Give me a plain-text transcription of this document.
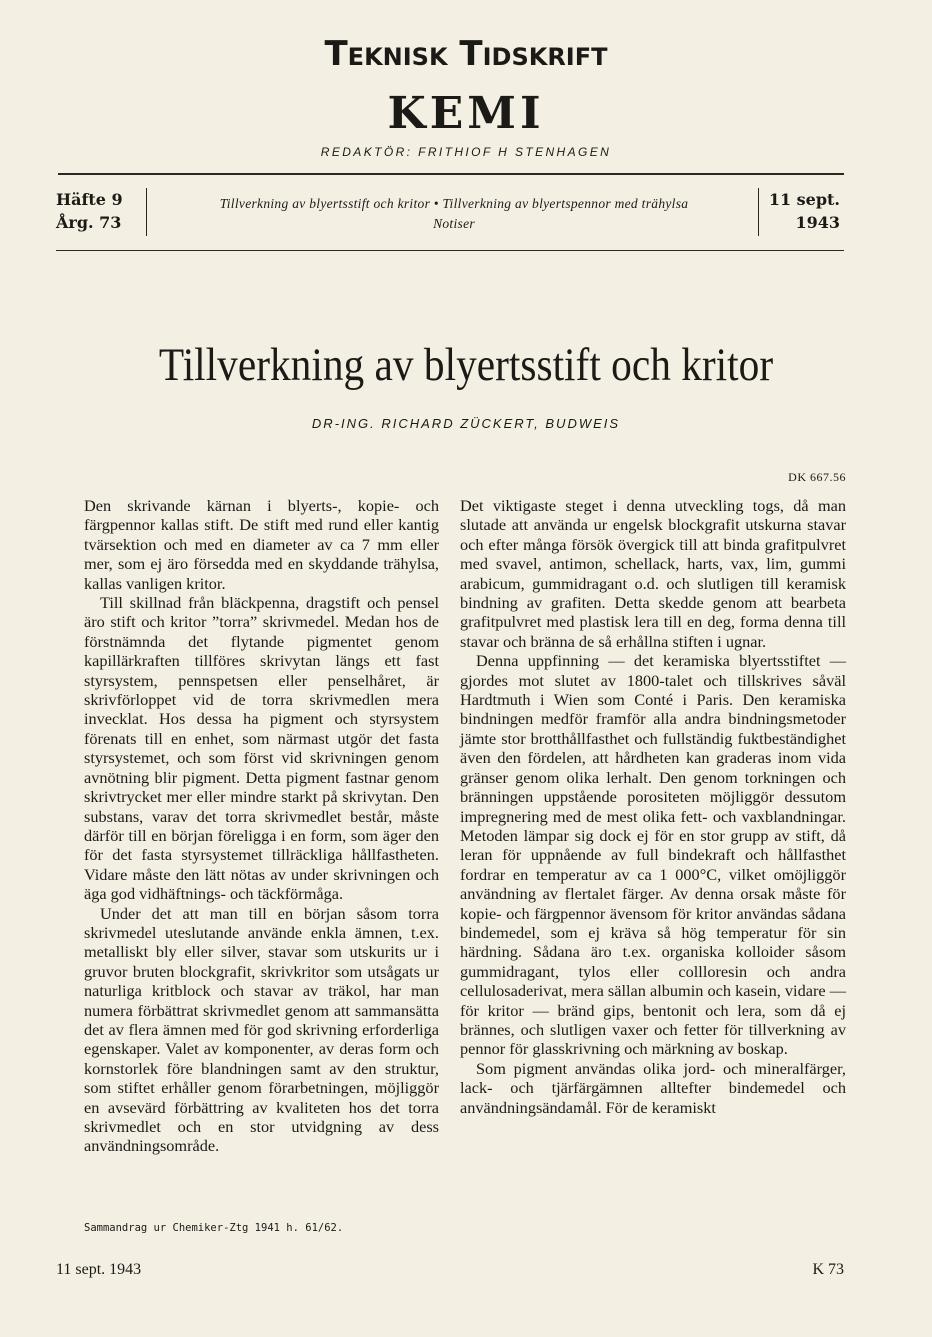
Teknisk Tidskrift
KEMI
REDAKTÖR: FRITHIOF H STENHAGEN
Häfte 9
Årg. 73
Tillverkning av blyertsstift och kritor • Tillverkning av blyertspennor med trähylsa
Notiser
11 sept.
1943
Tillverkning av blyertsstift och kritor
DR-ING. RICHARD ZÜCKERT, BUDWEIS
DK 667.56

Den skrivande kärnan i blyerts-, kopie- och färgpennor kallas stift. De stift med rund eller kantig tvärsektion och med en diameter av ca 7 mm eller mer, som ej äro försedda med en skyddande trähylsa, kallas vanligen kritor.

Till skillnad från bläckpenna, dragstift och pensel äro stift och kritor ”torra” skrivmedel. Medan hos de förstnämnda det flytande pigmentet genom kapillärkraften tillföres skrivytan längs ett fast styrsystem, pennspetsen eller penselhåret, är skrivförloppet vid de torra skrivmedlen mera invecklat. Hos dessa ha pigment och styrsystem förenats till en enhet, som närmast utgör det fasta styrsystemet, och som först vid skrivningen genom avnötning blir pigment. Detta pigment fastnar genom skrivtrycket mer eller mindre starkt på skrivytan. Den substans, varav det torra skrivmedlet består, måste därför till en början föreligga i en form, som äger den för det fasta styrsystemet tillräckliga hållfastheten. Vidare måste den lätt nötas av under skrivningen och äga god vidhäftnings- och täckförmåga.

Under det att man till en början såsom torra skrivmedel uteslutande använde enkla ämnen, t.ex. metalliskt bly eller silver, stavar som utskurits ur i gruvor bruten blockgrafit, skrivkritor som utsågats ur naturliga kritblock och stavar av träkol, har man numera förbättrat skrivmedlet genom att sammansätta det av flera ämnen med för god skrivning erforderliga egenskaper. Valet av komponenter, av deras form och kornstorlek före blandningen samt av den struktur, som stiftet erhåller genom förarbetningen, möjliggör en avsevärd förbättring av kvaliteten hos det torra skrivmedlet och en stor utvidgning av dess användningsområde.

Det viktigaste steget i denna utveckling togs, då man slutade att använda ur engelsk blockgrafit utskurna stavar och efter många försök övergick till att binda grafitpulvret med svavel, antimon, schellack, harts, vax, lim, gummi arabicum, gummidragant o.d. och slutligen till keramisk bindning av grafiten. Detta skedde genom att bearbeta grafitpulvret med plastisk lera till en deg, forma denna till stavar och bränna de så erhållna stiften i ugnar.

Denna uppfinning — det keramiska blyertsstiftet — gjordes mot slutet av 1800-talet och tillskrives såväl Hardtmuth i Wien som Conté i Paris. Den keramiska bindningen medför framför alla andra bindningsmetoder jämte stor brotthållfasthet och fullständig fuktbeständighet även den fördelen, att hårdheten kan graderas inom vida gränser genom olika lerhalt. Den genom torkningen och bränningen uppstående porositeten möjliggör dessutom impregnering med de mest olika fett- och vaxblandningar. Metoden lämpar sig dock ej för en stor grupp av stift, då leran för uppnående av full bindekraft och hållfasthet fordrar en temperatur av ca 1 000°C, vilket omöjliggör användning av flertalet färger. Av denna orsak måste för kopie- och färgpennor ävensom för kritor användas sådana bindemedel, som ej kräva så hög temperatur för sin härdning. Sådana äro t.ex. organiska kolloider såsom gummidragant, tylos eller collloresin och andra cellulosaderivat, mera sällan albumin och kasein, vidare — för kritor — bränd gips, bentonit och lera, som då ej brännes, och slutligen vaxer och fetter för tillverkning av pennor för glasskrivning och märkning av boskap.

Som pigment användas olika jord- och mineralfärger, lack- och tjärfärgämnen alltefter bindemedel och användningsändamål. För de keramiskt

Sammandrag ur Chemiker-Ztg 1941 h. 61/62.
11 sept. 1943	K 73
